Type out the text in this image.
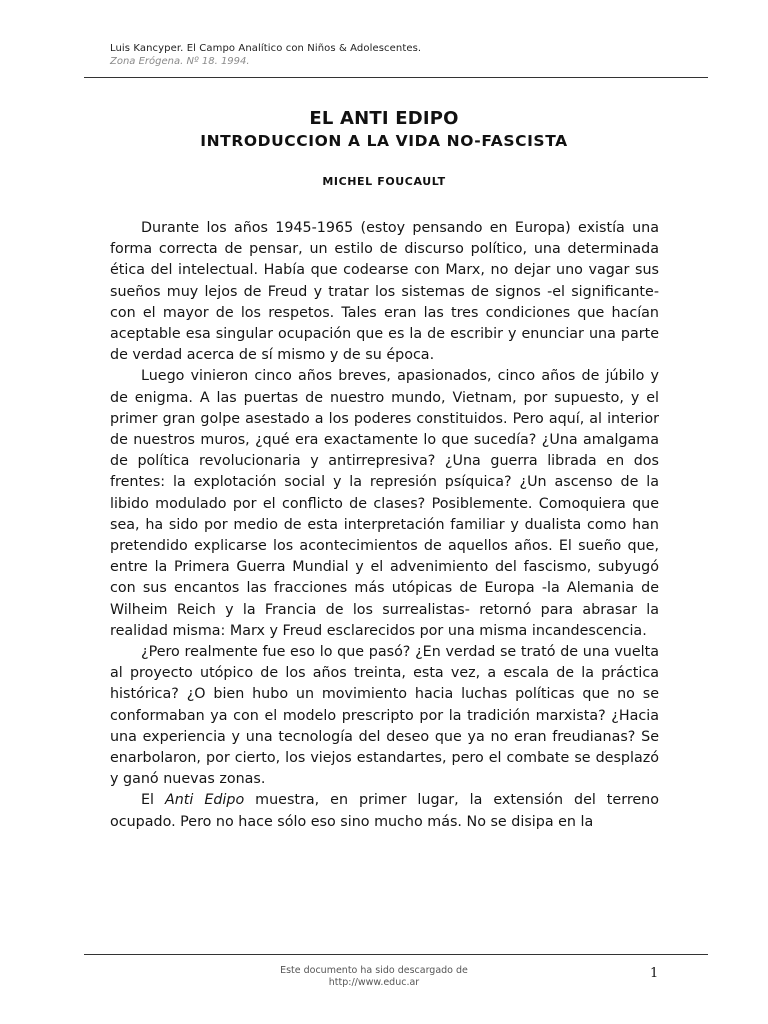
Luis Kancyper. El Campo Analítico con Niños & Adolescentes.
Zona Erógena. Nº 18. 1994.
EL ANTI EDIPO
INTRODUCCION A LA VIDA NO-FASCISTA
MICHEL FOUCAULT

Durante los años 1945-1965 (estoy pensando en Europa) existía una forma correcta de pensar, un estilo de discurso político, una determinada ética del intelectual. Había que codearse con Marx, no dejar uno vagar sus sueños muy lejos de Freud y tratar los sistemas de signos -el significante- con el mayor de los respetos. Tales eran las tres condiciones que hacían aceptable esa singular ocupación que es la de escribir y enunciar una parte de verdad acerca de sí mismo y de su época.

Luego vinieron cinco años breves, apasionados, cinco años de júbilo y de enigma. A las puertas de nuestro mundo, Vietnam, por supuesto, y el primer gran golpe asestado a los poderes constituidos. Pero aquí, al interior de nuestros muros, ¿qué era exactamente lo que sucedía? ¿Una amalgama de política revolucionaria y antirrepresiva? ¿Una guerra librada en dos frentes: la explotación social y la represión psíquica? ¿Un ascenso de la libido modulado por el conflicto de clases? Posiblemente. Comoquiera que sea, ha sido por medio de esta interpretación familiar y dualista como han pretendido explicarse los acontecimientos de aquellos años. El sueño que, entre la Primera Guerra Mundial y el advenimiento del fascismo, subyugó con sus encantos las fracciones más utópicas de Europa -la Alemania de Wilheim Reich y la Francia de los surrealistas- retornó para abrasar la realidad misma: Marx y Freud esclarecidos por una misma incandescencia.

¿Pero realmente fue eso lo que pasó? ¿En verdad se trató de una vuelta al proyecto utópico de los años treinta, esta vez, a escala de la práctica histórica? ¿O bien hubo un movimiento hacia luchas políticas que no se conformaban ya con el modelo prescripto por la tradición marxista? ¿Hacia una experiencia y una tecnología del deseo que ya no eran freudianas? Se enarbolaron, por cierto, los viejos estandartes, pero el combate se desplazó y ganó nuevas zonas.

El Anti Edipo muestra, en primer lugar, la extensión del terreno ocupado. Pero no hace sólo eso sino mucho más. No se disipa en la

Este documento ha sido descargado de
http://www.educ.ar
1
